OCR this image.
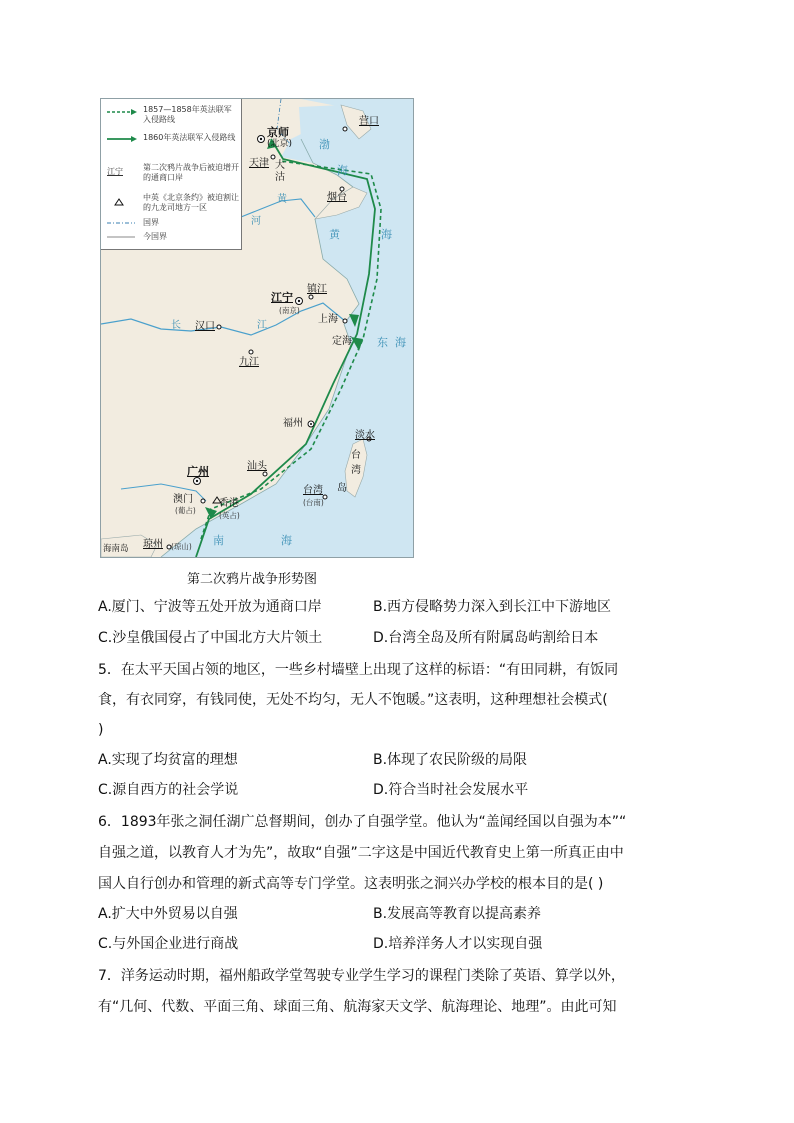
1857—1858年英法联军入侵路线
1860年英法联军入侵路线
江宁	第二次鸦片战争后被迫增开的通商口岸
中英《北京条约》被迫割让的九龙司地方一区
国界
今国界
京师
(北京)
营口
天津 大
沽
烟台
江宁
(南京)
镇江
汉口
九江
上海
定海
福州
淡水
台
湾
岛
台湾
(台南)
汕头
广州
澳门
(葡占)
香港
(英占)
海南岛 琼州 (琼山)
渤
海
黄
河
黄	海
长	江
东 海
南	海
第二次鸦片战争形势图
A.厦门、宁波等五处开放为通商口岸	B.西方侵略势力深入到长江中下游地区
C.沙皇俄国侵占了中国北方大片领土	D.台湾全岛及所有附属岛屿割给日本
5．在太平天国占领的地区，一些乡村墙壁上出现了这样的标语：“有田同耕，有饭同
食，有衣同穿，有钱同使，无处不均匀，无人不饱暖。”这表明，这种理想社会模式(
)
A.实现了均贫富的理想	B.体现了农民阶级的局限
C.源自西方的社会学说	D.符合当时社会发展水平
6．1893年张之洞任湖广总督期间，创办了自强学堂。他认为“盖闻经国以自强为本”“
自强之道，以教育人才为先”，故取“自强”二字这是中国近代教育史上第一所真正由中
国人自行创办和管理的新式高等专门学堂。这表明张之洞兴办学校的根本目的是( )
A.扩大中外贸易以自强	B.发展高等教育以提高素养
C.与外国企业进行商战	D.培养洋务人才以实现自强
7．洋务运动时期，福州船政学堂驾驶专业学生学习的课程门类除了英语、算学以外，
有“几何、代数、平面三角、球面三角、航海家天文学、航海理论、地理”。由此可知
